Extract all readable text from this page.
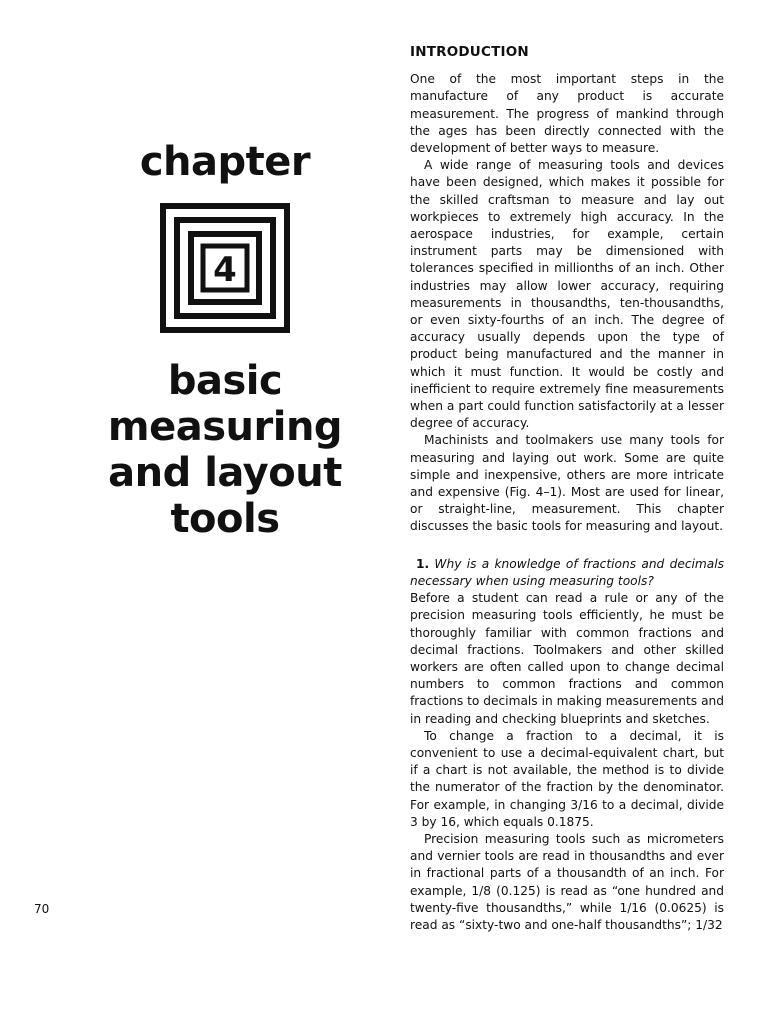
chapter
4
basic
measuring
and layout
tools
70
INTRODUCTION

One of the most important steps in the manufacture of any product is accurate measurement. The progress of mankind through the ages has been directly connected with the development of better ways to measure.

A wide range of measuring tools and devices have been designed, which makes it possible for the skilled craftsman to measure and lay out workpieces to extremely high accuracy. In the aerospace industries, for example, certain instrument parts may be dimensioned with tolerances specified in millionths of an inch. Other industries may allow lower accuracy, requiring measurements in thousandths, ten-thousandths, or even sixty-fourths of an inch. The degree of accuracy usually depends upon the type of product being manufactured and the manner in which it must function. It would be costly and inefficient to require extremely fine measurements when a part could function satisfactorily at a lesser degree of accuracy.

Machinists and toolmakers use many tools for measuring and laying out work. Some are quite simple and inexpensive, others are more intricate and expensive (Fig. 4–1). Most are used for linear, or straight-line, measurement. This chapter discusses the basic tools for measuring and layout.

1. Why is a knowledge of fractions and decimals necessary when using measuring tools?

Before a student can read a rule or any of the precision measuring tools efficiently, he must be thoroughly familiar with common fractions and decimal fractions. Toolmakers and other skilled workers are often called upon to change decimal numbers to common fractions and common fractions to decimals in making measurements and in reading and checking blueprints and sketches.

To change a fraction to a decimal, it is convenient to use a decimal-equivalent chart, but if a chart is not available, the method is to divide the numerator of the fraction by the denominator. For example, in changing 3/16 to a decimal, divide 3 by 16, which equals 0.1875.

Precision measuring tools such as micrometers and vernier tools are read in thousandths and ever in fractional parts of a thousandth of an inch. For example, 1/8 (0.125) is read as “one hundred and twenty-five thousandths,” while 1/16 (0.0625) is read as “sixty-two and one-half thousandths”; 1/32
